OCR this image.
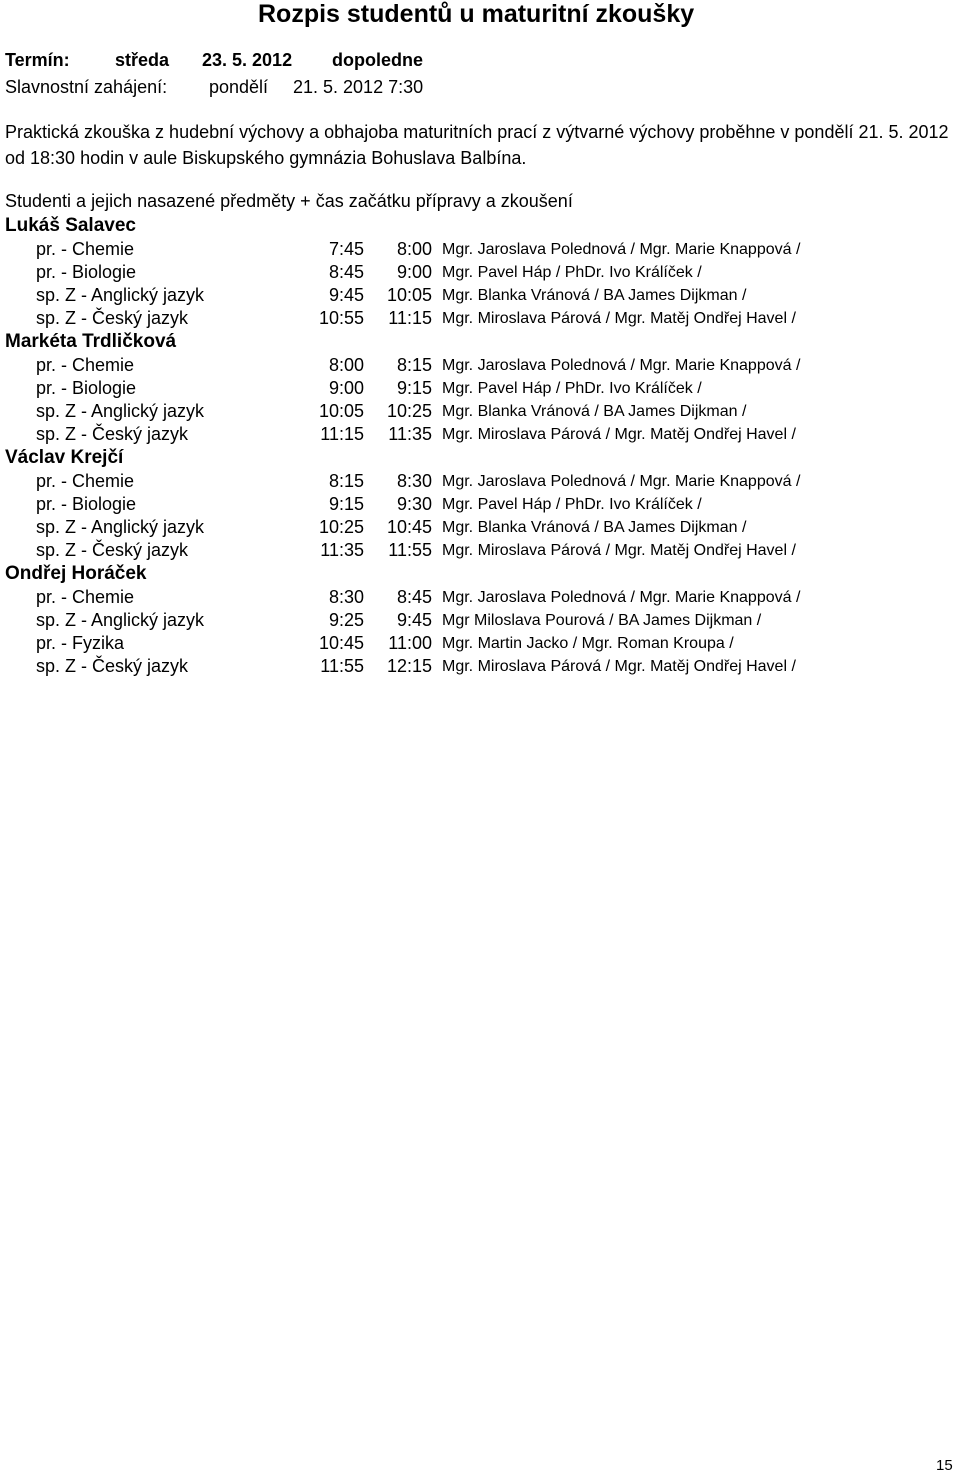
Rozpis studentů u maturitní zkoušky
Termín:	středa 23. 5. 2012 dopoledne
Slavnostní zahájení: pondělí 21. 5. 2012 7:30
Praktická zkouška z hudební výchovy a obhajoba maturitních prací z výtvarné výchovy proběhne v pondělí 21. 5. 2012 od 18:30 hodin v aule Biskupského gymnázia Bohuslava Balbína.
Studenti a jejich nasazené předměty + čas začátku přípravy a zkoušení
Lukáš Salavec
pr. - Chemie	7:45	8:00 Mgr. Jaroslava Polednová / Mgr. Marie Knappová /
pr. - Biologie	8:45	9:00 Mgr. Pavel Háp / PhDr. Ivo Králíček /
sp. Z - Anglický jazyk	9:45	10:05 Mgr. Blanka Vránová / BA James Dijkman /
sp. Z - Český jazyk	10:55	11:15 Mgr. Miroslava Párová / Mgr. Matěj Ondřej Havel /
Markéta Trdličková
pr. - Chemie	8:00	8:15 Mgr. Jaroslava Polednová / Mgr. Marie Knappová /
pr. - Biologie	9:00	9:15 Mgr. Pavel Háp / PhDr. Ivo Králíček /
sp. Z - Anglický jazyk	10:05	10:25 Mgr. Blanka Vránová / BA James Dijkman /
sp. Z - Český jazyk	11:15	11:35 Mgr. Miroslava Párová / Mgr. Matěj Ondřej Havel /
Václav Krejčí
pr. - Chemie	8:15	8:30 Mgr. Jaroslava Polednová / Mgr. Marie Knappová /
pr. - Biologie	9:15	9:30 Mgr. Pavel Háp / PhDr. Ivo Králíček /
sp. Z - Anglický jazyk	10:25	10:45 Mgr. Blanka Vránová / BA James Dijkman /
sp. Z - Český jazyk	11:35	11:55 Mgr. Miroslava Párová / Mgr. Matěj Ondřej Havel /
Ondřej Horáček
pr. - Chemie	8:30	8:45 Mgr. Jaroslava Polednová / Mgr. Marie Knappová /
sp. Z - Anglický jazyk	9:25	9:45 Mgr Miloslava Pourová / BA James Dijkman /
pr. - Fyzika	10:45	11:00 Mgr. Martin Jacko / Mgr. Roman Kroupa /
sp. Z - Český jazyk	11:55	12:15 Mgr. Miroslava Párová / Mgr. Matěj Ondřej Havel /
15
